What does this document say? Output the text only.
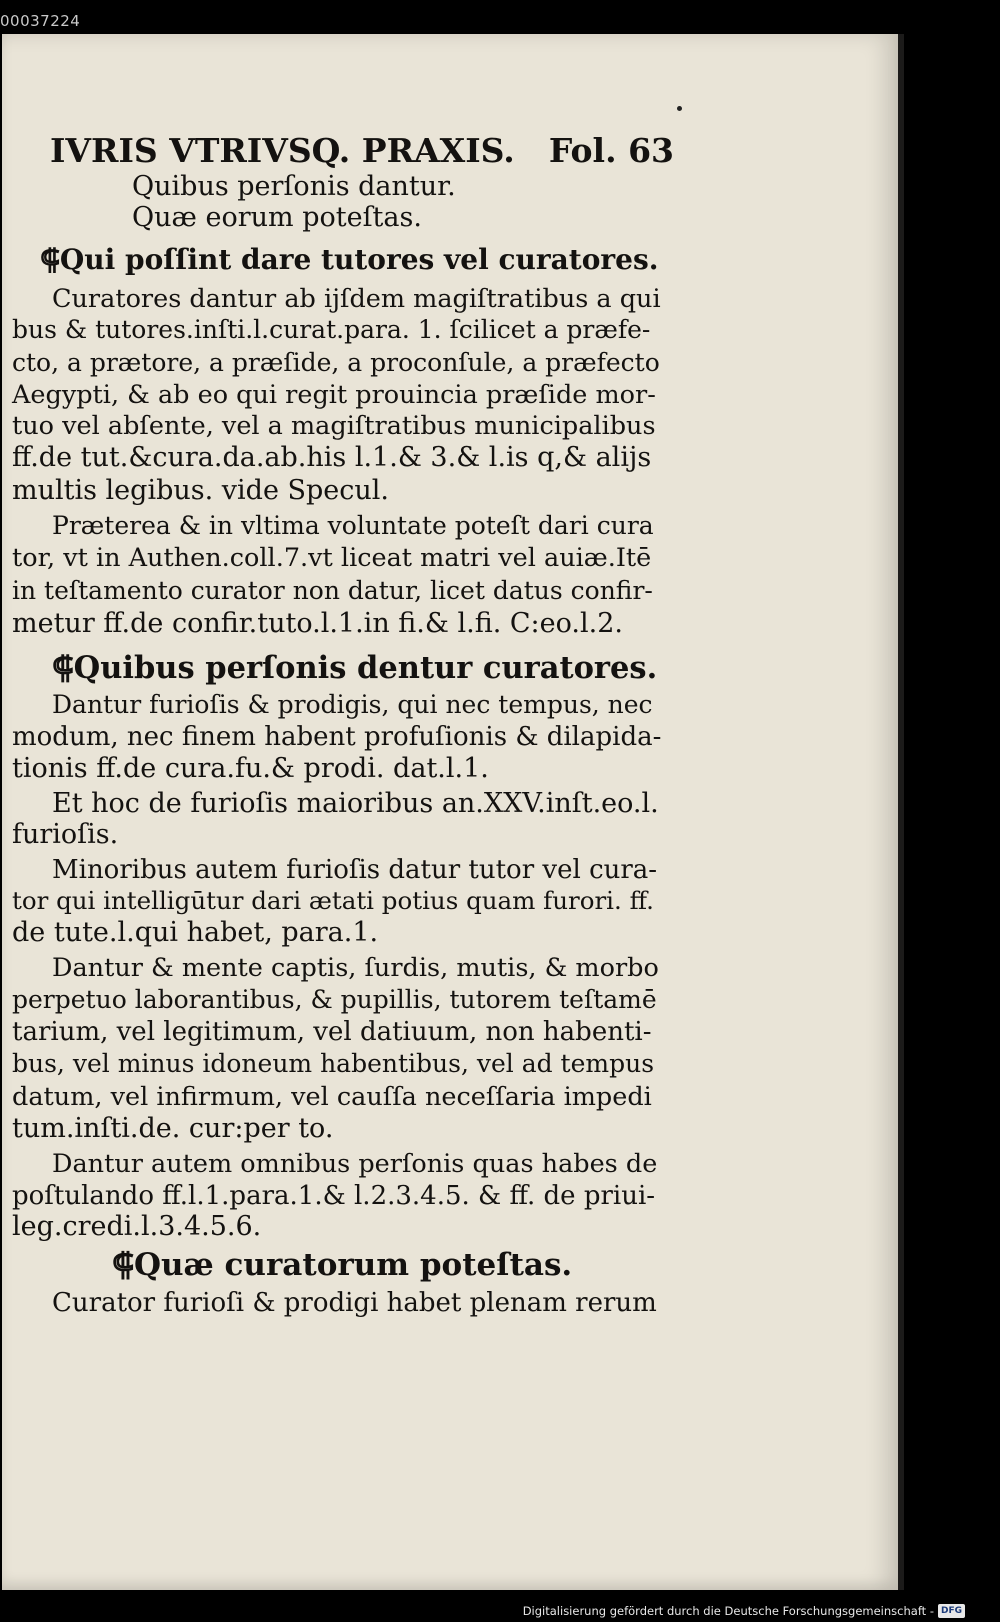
00037224
IVRIS VTRIVSQ. PRAXIS. Fol. 63
Quibus perſonis dantur.
Quæ eorum poteſtas.
⸿Qui poſſint dare tutores vel curatores.
Curatores dantur ab ijſdem magiſtratibus a qui
bus & tutores.inſti.l.curat.para. 1. ſcilicet a præfe-
cto, a prætore, a præſide, a proconſule, a præfecto
Aegypti, & ab eo qui regit prouincia præſide mor-
tuo vel abſente, vel a magiſtratibus municipalibus
ff.de tut.&cura.da.ab.his l.1.& 3.& l.is q,& alijs
multis legibus. vide Specul.
Præterea & in vltima voluntate poteſt dari cura
tor, vt in Authen.coll.7.vt liceat matri vel auiæ.Itē
in teſtamento curator non datur, licet datus confir-
metur ff.de confir.tuto.l.1.in fi.& l.fi. C:eo.l.2.
⸿Quibus perſonis dentur curatores.
Dantur furioſis & prodigis, qui nec tempus, nec
modum, nec finem habent profuſionis & dilapida-
tionis ff.de cura.fu.& prodi. dat.l.1.
Et hoc de furioſis maioribus an.XXV.inſt.eo.l.
furioſis.
Minoribus autem furioſis datur tutor vel cura-
tor qui intelligūtur dari ætati potius quam furori. ff.
de tute.l.qui habet, para.1.
Dantur & mente captis, ſurdis, mutis, & morbo
perpetuo laborantibus, & pupillis, tutorem teſtamē
tarium, vel legitimum, vel datiuum, non habenti-
bus, vel minus idoneum habentibus, vel ad tempus
datum, vel infirmum, vel cauſſa neceſſaria impedi
tum.inſti.de. cur:per to.
Dantur autem omnibus perſonis quas habes de
poſtulando ff.l.1.para.1.& l.2.3.4.5. & ff. de priui-
leg.credi.l.3.4.5.6.
⸿Quæ curatorum poteſtas.
Curator furioſi & prodigi habet plenam rerum
Digitalisierung gefördert durch die Deutsche Forschungsgemeinschaft - DFG
